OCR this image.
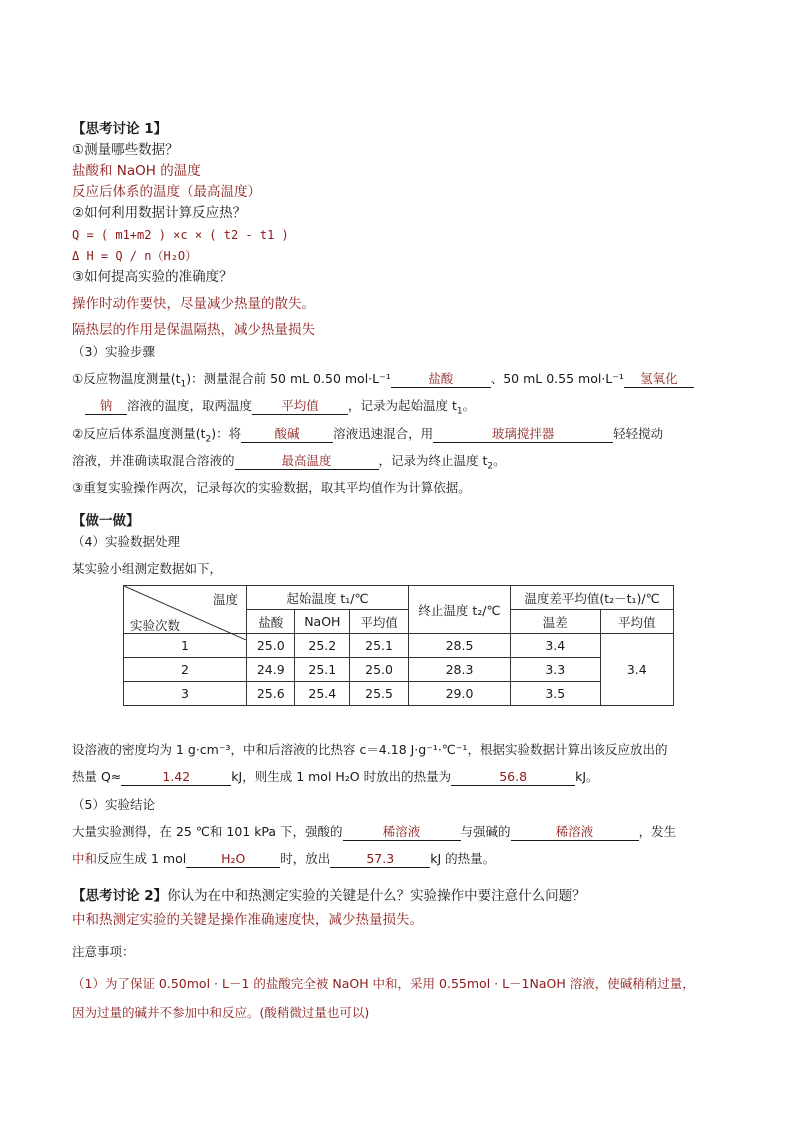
【思考讨论 1】
①测量哪些数据？
盐酸和 NaOH 的温度
反应后体系的温度（最高温度）
②如何利用数据计算反应热？
Q = ( m1+m2 ) ×c × ( t2 - t1 )
Δ H = Q / n（H₂O）
③如何提高实验的准确度？
操作时动作要快，尽量减少热量的散失。
隔热层的作用是保温隔热，减少热量损失
（3）实验步骤
①反应物温度测量$(t_1)$：测量混合前 50 mL 0.50 mol·L⁻¹	盐酸	、50 mL 0.55 mol·L⁻¹ 氢氧化
钠 溶液的温度，取两温度 平均值 ，记录为起始温度 $t_1$。
②反应后体系温度测量$(t_2)$：将	酸碱	溶液迅速混合，用	玻璃搅拌器	轻轻搅动
溶液，并准确读取混合溶液的	最高温度	，记录为终止温度 $t_2$。
③重复实验操作两次，记录每次的实验数据，取其平均值作为计算依据。
【做一做】
（4）实验数据处理
某实验小组测定数据如下，
温度
实验次数	起始温度 t₁/℃			终止温度 t₂/℃	温度差平均值(t₂－t₁)/℃	
	盐酸	NaOH	平均值		温差	平均值
1	25.0	25.2	25.1	28.5	3.4	3.4
2	24.9	25.1	25.0	28.3	3.3	
3	25.6	25.4	25.5	29.0	3.5	
设溶液的密度均为 1 g·cm⁻³，中和后溶液的比热容 c＝4.18 J·g⁻¹·℃⁻¹，根据实验数据计算出该反应放出的
热量 Q≈	1.42	kJ，则生成 1 mol H₂O 时放出的热量为	56.8	kJ。
（5）实验结论
大量实验测得，在 25 ℃和 101 kPa 下，强酸的	稀溶液	与强碱的	稀溶液	，发生
中和反应生成 1 mol	H₂O	时，放出	57.3	kJ 的热量。
【思考讨论 2】你认为在中和热测定实验的关键是什么？实验操作中要注意什么问题？
中和热测定实验的关键是操作准确速度快，减少热量损失。
注意事项：
（1）为了保证 0.50mol · L－1 的盐酸完全被 NaOH 中和，采用 0.55mol · L－1NaOH 溶液，使碱稍稍过量，
因为过量的碱并不参加中和反应。(酸稍微过量也可以)
